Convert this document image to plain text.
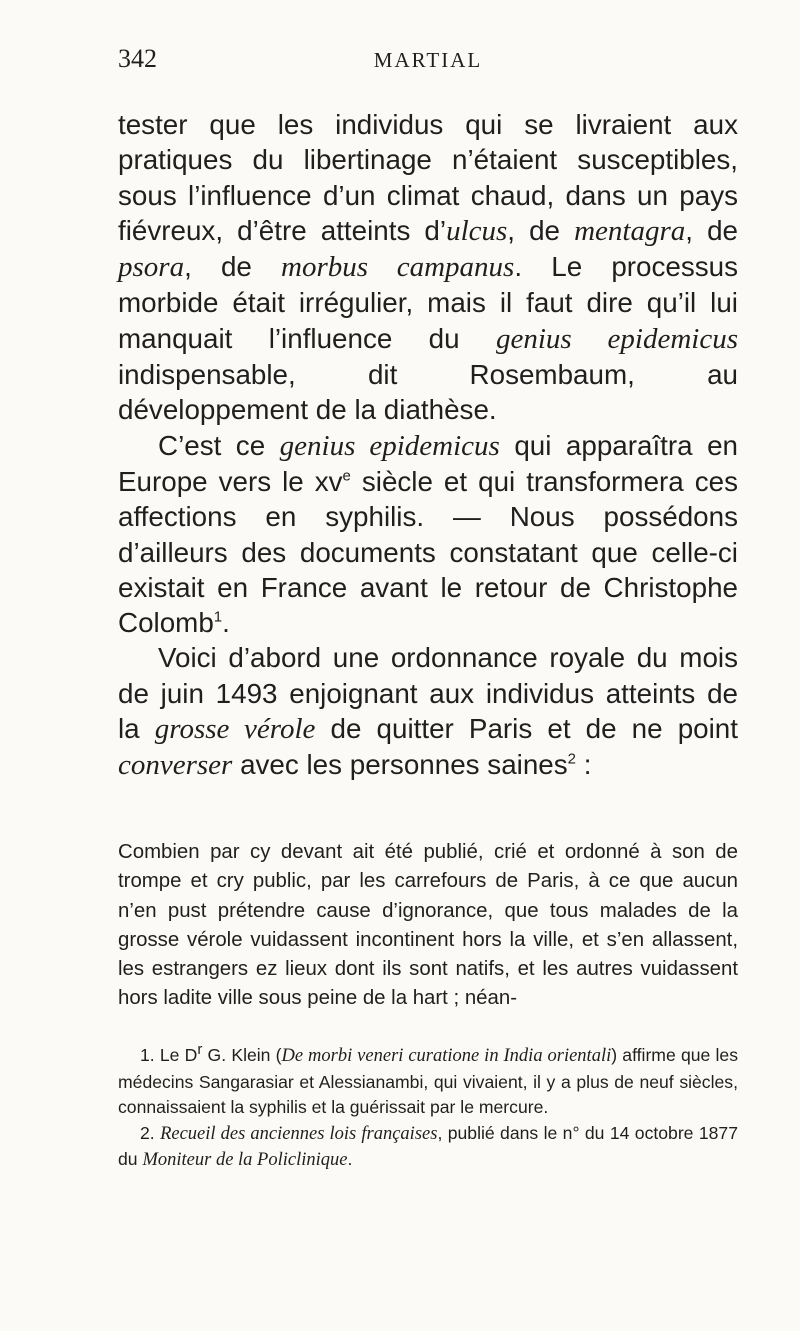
342	MARTIAL

tester que les individus qui se livraient aux pratiques du libertinage n’étaient susceptibles, sous l’influence d’un climat chaud, dans un pays fiévreux, d’être atteints d’ulcus, de mentagra, de psora, de morbus campanus. Le processus morbide était irrégulier, mais il faut dire qu’il lui manquait l’influence du genius epidemicus indispensable, dit Rosembaum, au développement de la diathèse.

C’est ce genius epidemicus qui apparaîtra en Europe vers le $xv^e$ siècle et qui transformera ces affections en syphilis. — Nous possédons d’ailleurs des documents constatant que celle-ci existait en France avant le retour de Christophe Colomb$^1$.

Voici d’abord une ordonnance royale du mois de juin 1493 enjoignant aux individus atteints de la grosse vérole de quitter Paris et de ne point converser avec les personnes saines$^2$ :

Combien par cy devant ait été publié, crié et ordonné à son de trompe et cry public, par les carrefours de Paris, à ce que aucun n’en pust prétendre cause d’ignorance, que tous malades de la grosse vérole vuidassent incontinent hors la ville, et s’en allassent, les estrangers ez lieux dont ils sont natifs, et les autres vuidassent hors ladite ville sous peine de la hart ; néan-

1. Le $D^r$ G. Klein (De morbi veneri curatione in India orientali) affirme que les médecins Sangarasiar et Alessianambi, qui vivaient, il y a plus de neuf siècles, connaissaient la syphilis et la guérissait par le mercure.

2. Recueil des anciennes lois françaises, publié dans le n° du 14 octobre 1877 du Moniteur de la Policlinique.
